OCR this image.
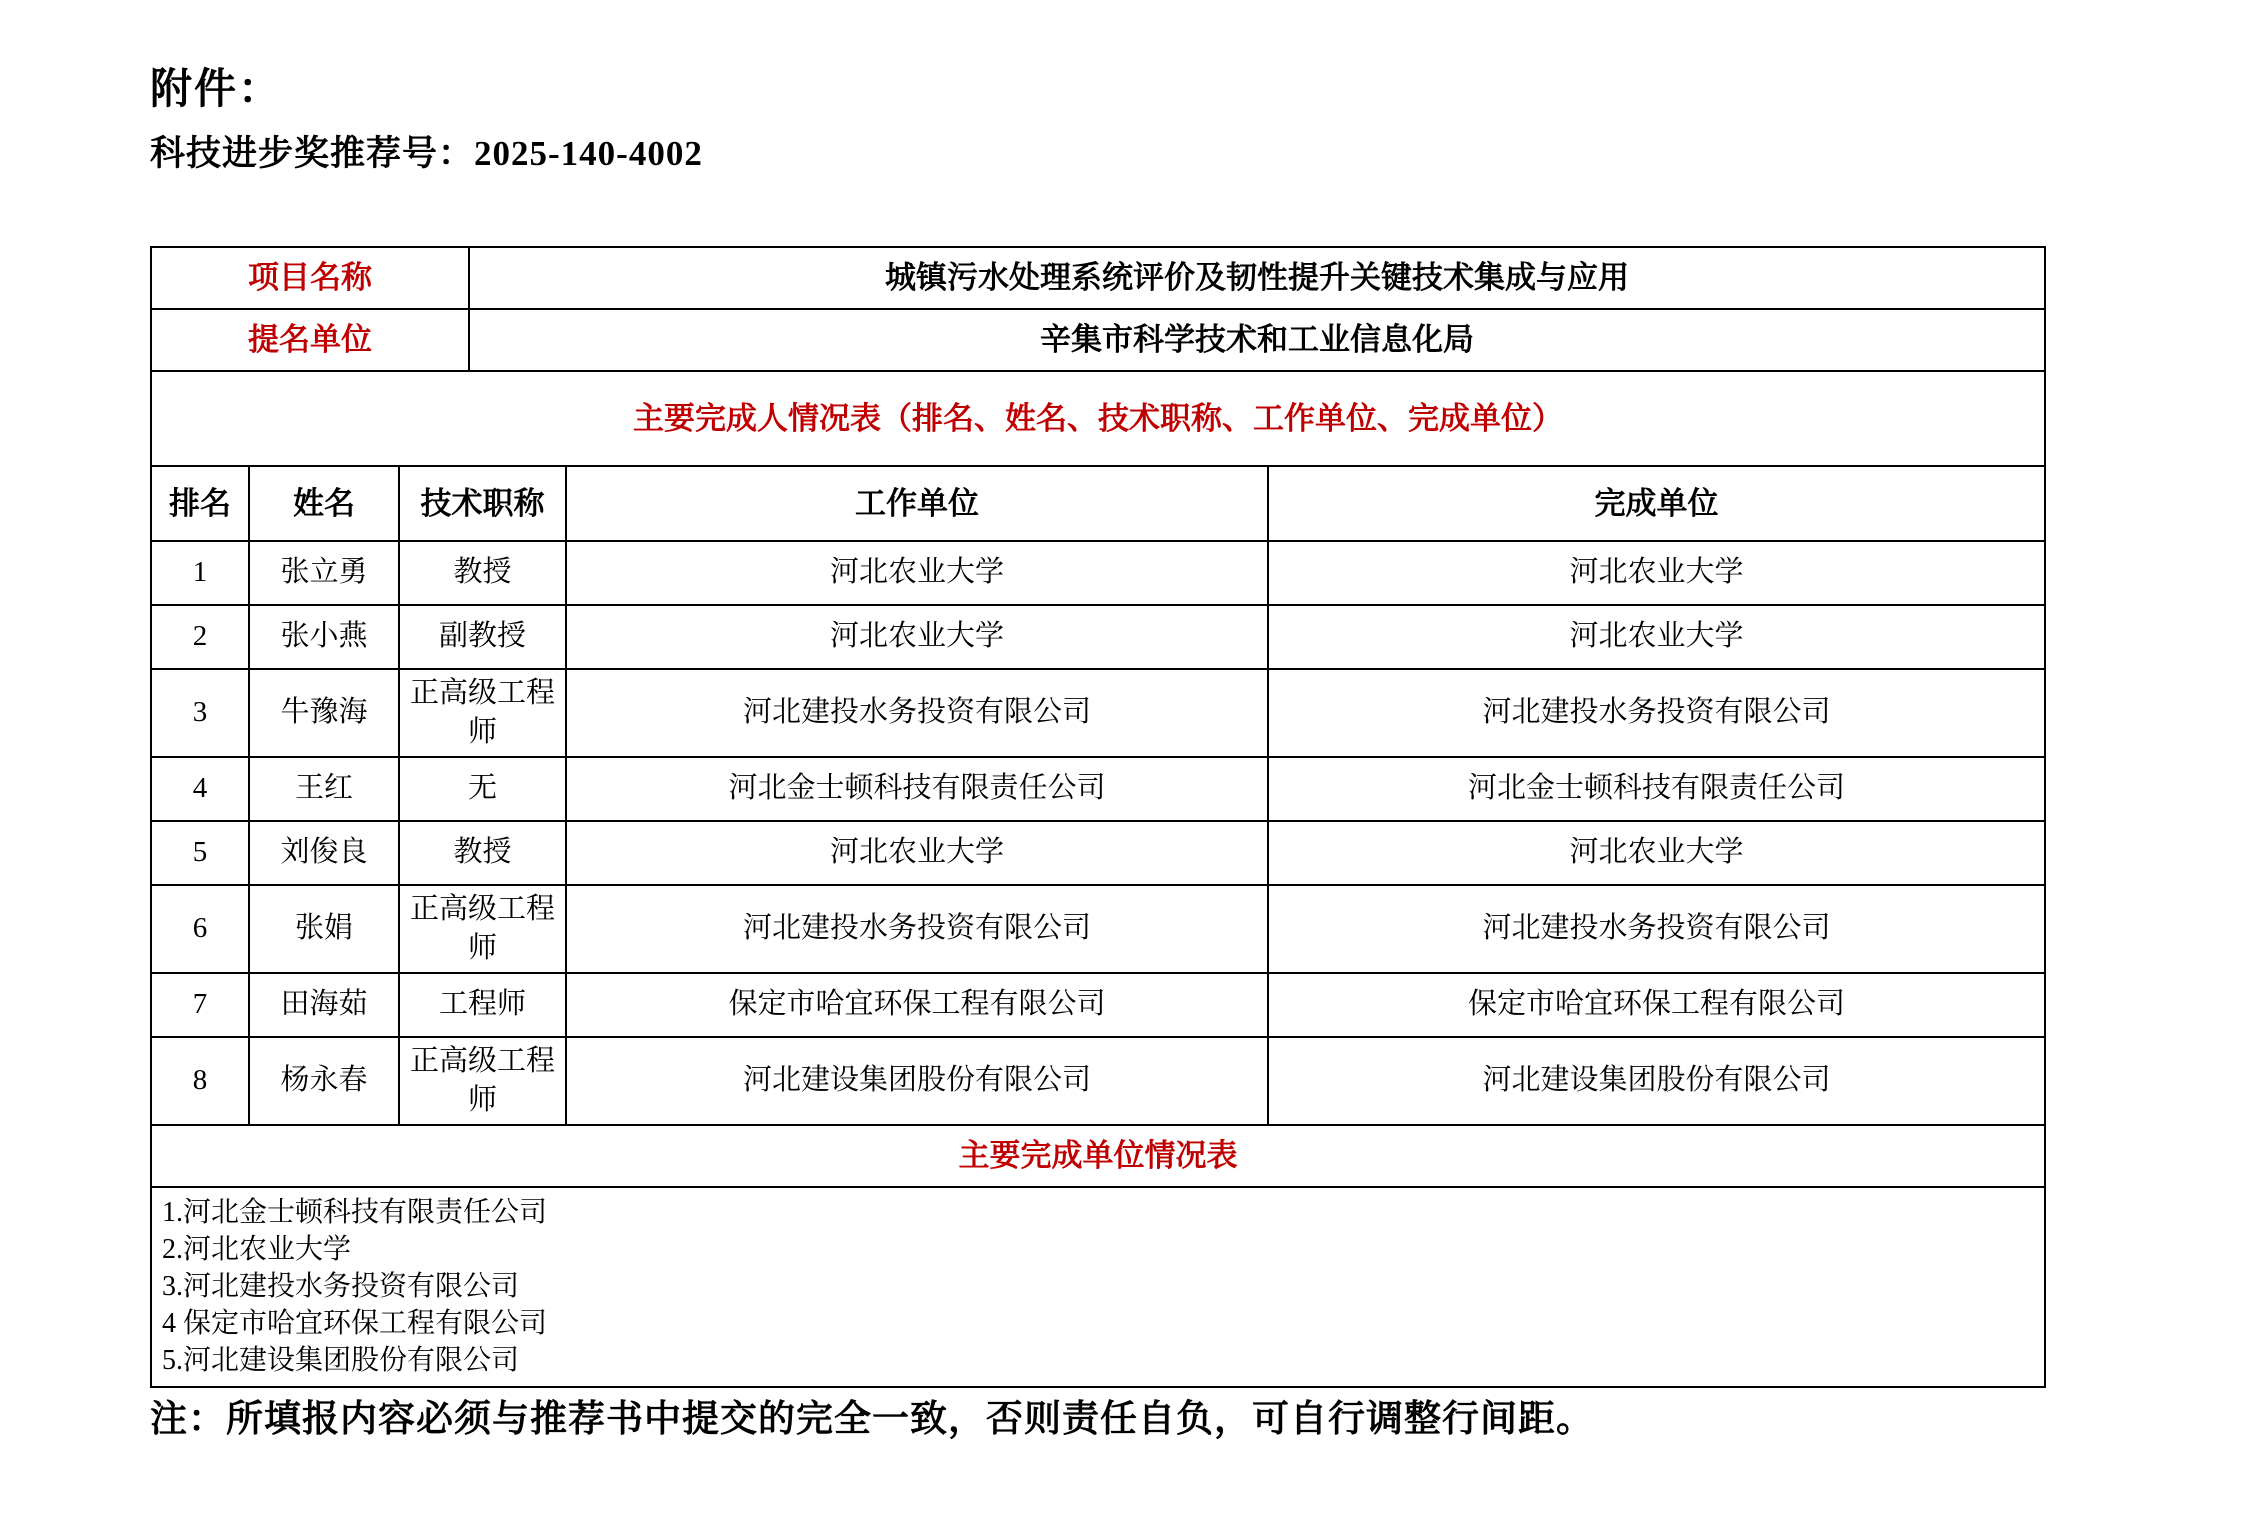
附件：
科技进步奖推荐号：2025-140-4002
项目名称	城镇污水处理系统评价及韧性提升关键技术集成与应用
提名单位	辛集市科学技术和工业信息化局
主要完成人情况表（排名、姓名、技术职称、工作单位、完成单位）				
排名	姓名	技术职称	工作单位	完成单位
1	张立勇	教授	河北农业大学	河北农业大学
2	张小燕	副教授	河北农业大学	河北农业大学
3	牛豫海	正高级工程师	河北建投水务投资有限公司	河北建投水务投资有限公司
4	王红	无	河北金士顿科技有限责任公司	河北金士顿科技有限责任公司
5	刘俊良	教授	河北农业大学	河北农业大学
6	张娟	正高级工程师	河北建投水务投资有限公司	河北建投水务投资有限公司
7	田海茹	工程师	保定市哈宜环保工程有限公司	保定市哈宜环保工程有限公司
8	杨永春	正高级工程师	河北建设集团股份有限公司	河北建设集团股份有限公司
主要完成单位情况表

1.河北金士顿科技有限责任公司
2.河北农业大学
3.河北建投水务投资有限公司
4 保定市哈宜环保工程有限公司
5.河北建设集团股份有限公司
注：所填报内容必须与推荐书中提交的完全一致，否则责任自负，可自行调整行间距。
